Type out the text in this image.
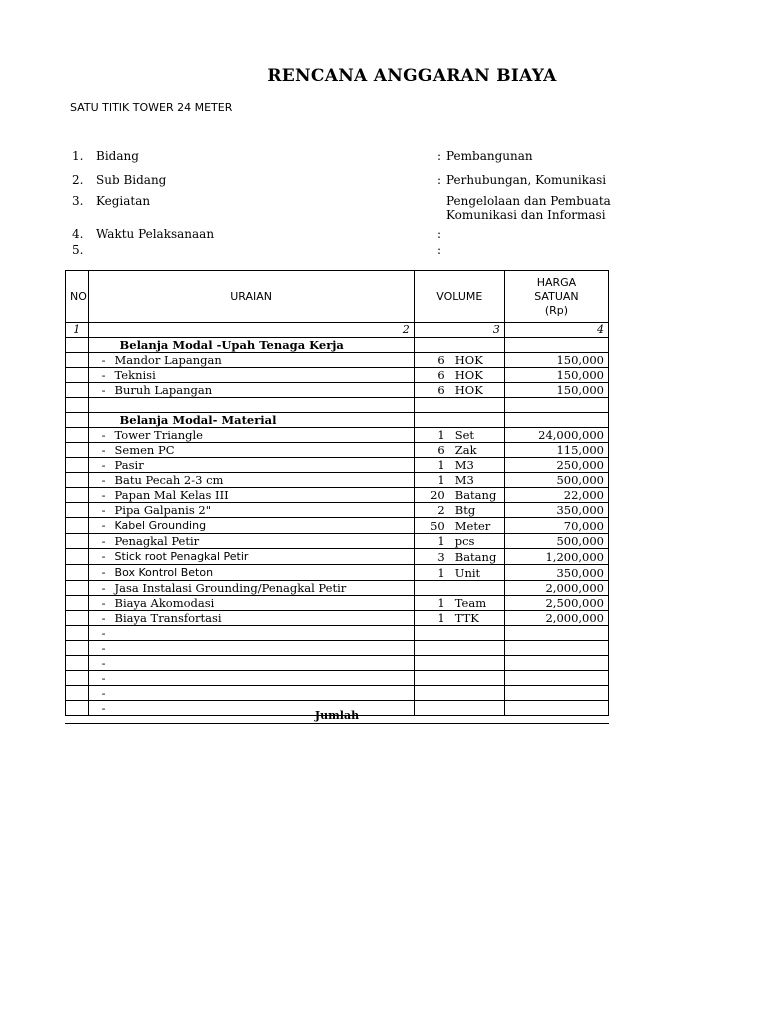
RENCANA ANGGARAN BIAYA
SATU TITIK TOWER 24 METER
1. Bidang	: Pembangunan
2. Sub Bidang	: Perhubungan, Komunikasi
3. Kegiatan	Pengelolaan dan Pembuata
Komunikasi dan Informasi
4. Waktu Pelaksanaan	:
5.	:
NO	URAIAN	VOLUME	HARGA
SATUAN
(Rp)

1	2	3	4
	Belanja Modal -Upah Tenaga Kerja		
	- Mandor Lapangan	6 HOK	150,000
	- Teknisi	6 HOK	150,000
	- Buruh Lapangan	6 HOK	150,000

	Belanja Modal- Material		
	- Tower Triangle	1 Set	24,000,000
	- Semen PC	6 Zak	115,000
	- Pasir	1 M3	250,000
	- Batu Pecah 2-3 cm	1 M3	500,000
	- Papan Mal Kelas III	20 Batang	22,000
	- Pipa Galpanis 2"	2 Btg	350,000
	- Kabel Grounding	50 Meter	70,000
	- Penagkal Petir	1 pcs	500,000
	- Stick root Penagkal Petir	3 Batang	1,200,000
	- Box Kontrol Beton	1 Unit	350,000
	- Jasa Instalasi Grounding/Penagkal Petir		2,000,000
	- Biaya Akomodasi	1 Team	2,500,000
	- Biaya Transfortasi	1 TTK	2,000,000
	-		
	-		
	-		
	-		
	-		
	-		
Jumlah
